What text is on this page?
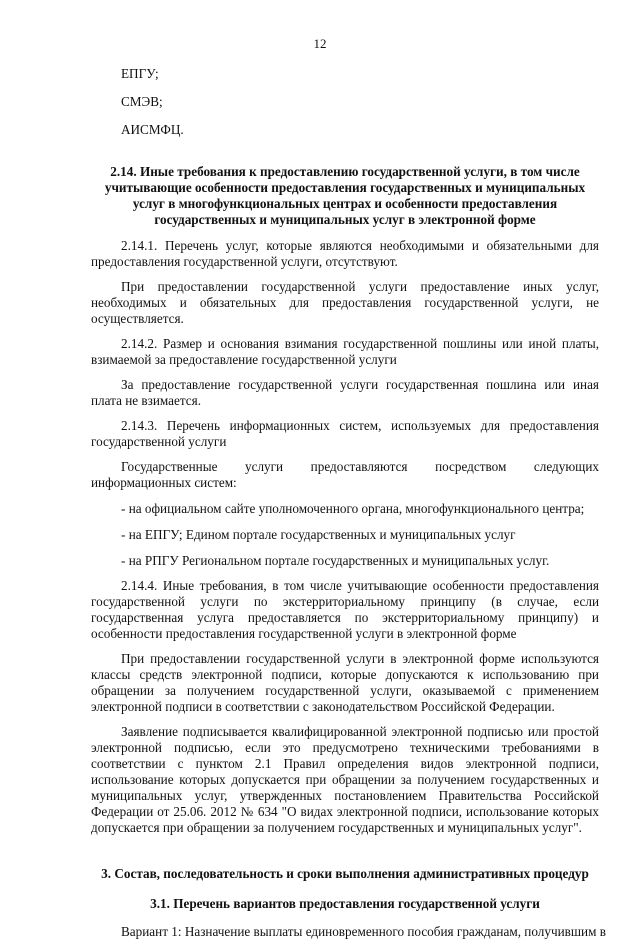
12
ЕПГУ;
СМЭВ;
АИСМФЦ.
2.14. Иные требования к предоставлению государственной услуги, в том числе учитывающие особенности предоставления государственных и муниципальных услуг в многофункциональных центрах и особенности предоставления государственных и муниципальных услуг в электронной форме

2.14.1. Перечень услуг, которые являются необходимыми и обязательными для предоставления государственной услуги, отсутствуют.

При предоставлении государственной услуги предоставление иных услуг, необходимых и обязательных для предоставления государственной услуги, не осуществляется.

2.14.2. Размер и основания взимания государственной пошлины или иной платы, взимаемой за предоставление государственной услуги

За предоставление государственной услуги государственная пошлина или иная плата не взимается.

2.14.3. Перечень информационных систем, используемых для предоставления государственной услуги

Государственные услуги предоставляются посредством следующих информационных систем:

- на официальном сайте уполномоченного органа, многофункционального центра;
- на ЕПГУ; Едином портале государственных и муниципальных услуг
- на РПГУ Региональном портале государственных и муниципальных услуг.

2.14.4. Иные требования, в том числе учитывающие особенности предоставления государственной услуги по экстерриториальному принципу (в случае, если государственная услуга предоставляется по экстерриториальному принципу) и особенности предоставления государственной услуги в электронной форме

При предоставлении государственной услуги в электронной форме используются классы средств электронной подписи, которые допускаются к использованию при обращении за получением государственной услуги, оказываемой с применением электронной подписи в соответствии с законодательством Российской Федерации.

Заявление подписывается квалифицированной электронной подписью или простой электронной подписью, если это предусмотрено техническими требованиями в соответствии с пунктом 2.1 Правил определения видов электронной подписи, использование которых допускается при обращении за получением государственных и муниципальных услуг, утвержденных постановлением Правительства Российской Федерации от 25.06. 2012 № 634 "О видах электронной подписи, использование которых допускается при обращении за получением государственных и муниципальных услуг".

3. Состав, последовательность и сроки выполнения административных процедур
3.1. Перечень вариантов предоставления государственной услуги
Вариант 1: Назначение выплаты единовременного пособия гражданам, получившим в
